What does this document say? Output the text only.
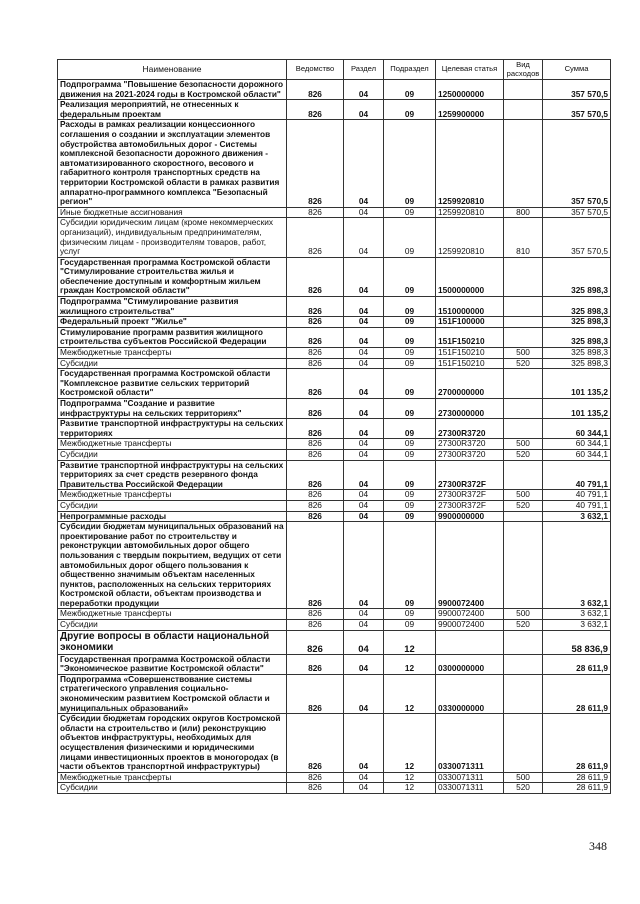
Наименование	Ведомство	Раздел	Подраздел	Целевая статья	Вид расходов	Сумма
Подпрограмма "Повышение безопасности дорожного движения на 2021-2024 годы в Костромской области"	826	04	09	1250000000		357 570,5
Реализация мероприятий, не отнесенных к федеральным проектам	826	04	09	1259900000		357 570,5
Расходы в рамках реализации концессионного соглашения о создании и эксплуатации элементов обустройства автомобильных дорог - Системы комплексной безопасности дорожного движения - автоматизированного скоростного, весового и габаритного контроля транспортных средств на территории Костромской области в рамках развития аппаратно-программного комплекса "Безопасный регион"	826	04	09	1259920810		357 570,5
Иные бюджетные ассигнования	826	04	09	1259920810	800	357 570,5
Субсидии юридическим лицам (кроме некоммерческих организаций), индивидуальным предпринимателям, физическим лицам - производителям товаров, работ, услуг	826	04	09	1259920810	810	357 570,5
Государственная программа Костромской области "Стимулирование строительства жилья и обеспечение доступным и комфортным жильем граждан Костромской области"	826	04	09	1500000000		325 898,3
Подпрограмма "Стимулирование развития жилищного строительства"	826	04	09	1510000000		325 898,3
Федеральный проект "Жилье"	826	04	09	151F100000		325 898,3
Стимулирование программ развития жилищного строительства субъектов Российской Федерации	826	04	09	151F150210		325 898,3
Межбюджетные трансферты	826	04	09	151F150210	500	325 898,3
Субсидии	826	04	09	151F150210	520	325 898,3
Государственная программа Костромской области "Комплексное развитие сельских территорий Костромской области"	826	04	09	2700000000		101 135,2
Подпрограмма "Создание и развитие инфраструктуры на сельских территориях"	826	04	09	2730000000		101 135,2
Развитие транспортной инфраструктуры на сельских территориях	826	04	09	27300R3720		60 344,1
Межбюджетные трансферты	826	04	09	27300R3720	500	60 344,1
Субсидии	826	04	09	27300R3720	520	60 344,1
Развитие транспортной инфраструктуры на сельских территориях за счет средств резервного фонда Правительства Российской Федерации	826	04	09	27300R372F		40 791,1
Межбюджетные трансферты	826	04	09	27300R372F	500	40 791,1
Субсидии	826	04	09	27300R372F	520	40 791,1
Непрограммные расходы	826	04	09	9900000000		3 632,1
Субсидии бюджетам муниципальных образований на проектирование работ по строительству и реконструкции автомобильных дорог общего пользования с твердым покрытием, ведущих от сети автомобильных дорог общего пользования к общественно значимым объектам населенных пунктов, расположенных на сельских территориях Костромской области, объектам производства и переработки продукции	826	04	09	9900072400		3 632,1
Межбюджетные трансферты	826	04	09	9900072400	500	3 632,1
Субсидии	826	04	09	9900072400	520	3 632,1
Другие вопросы в области национальной экономики	826	04	12			58 836,9
Государственная программа Костромской области "Экономическое развитие Костромской области"	826	04	12	0300000000		28 611,9
Подпрограмма «Совершенствование системы стратегического управления социально-экономическим развитием Костромской области и муниципальных образований»	826	04	12	0330000000		28 611,9
Субсидии бюджетам городских округов Костромской области на строительство и (или) реконструкцию объектов инфраструктуры, необходимых для осуществления физическими и юридическими лицами инвестиционных проектов в моногородах (в части объектов транспортной инфраструктуры)	826	04	12	0330071311		28 611,9
Межбюджетные трансферты	826	04	12	0330071311	500	28 611,9
Субсидии	826	04	12	0330071311	520	28 611,9
348
